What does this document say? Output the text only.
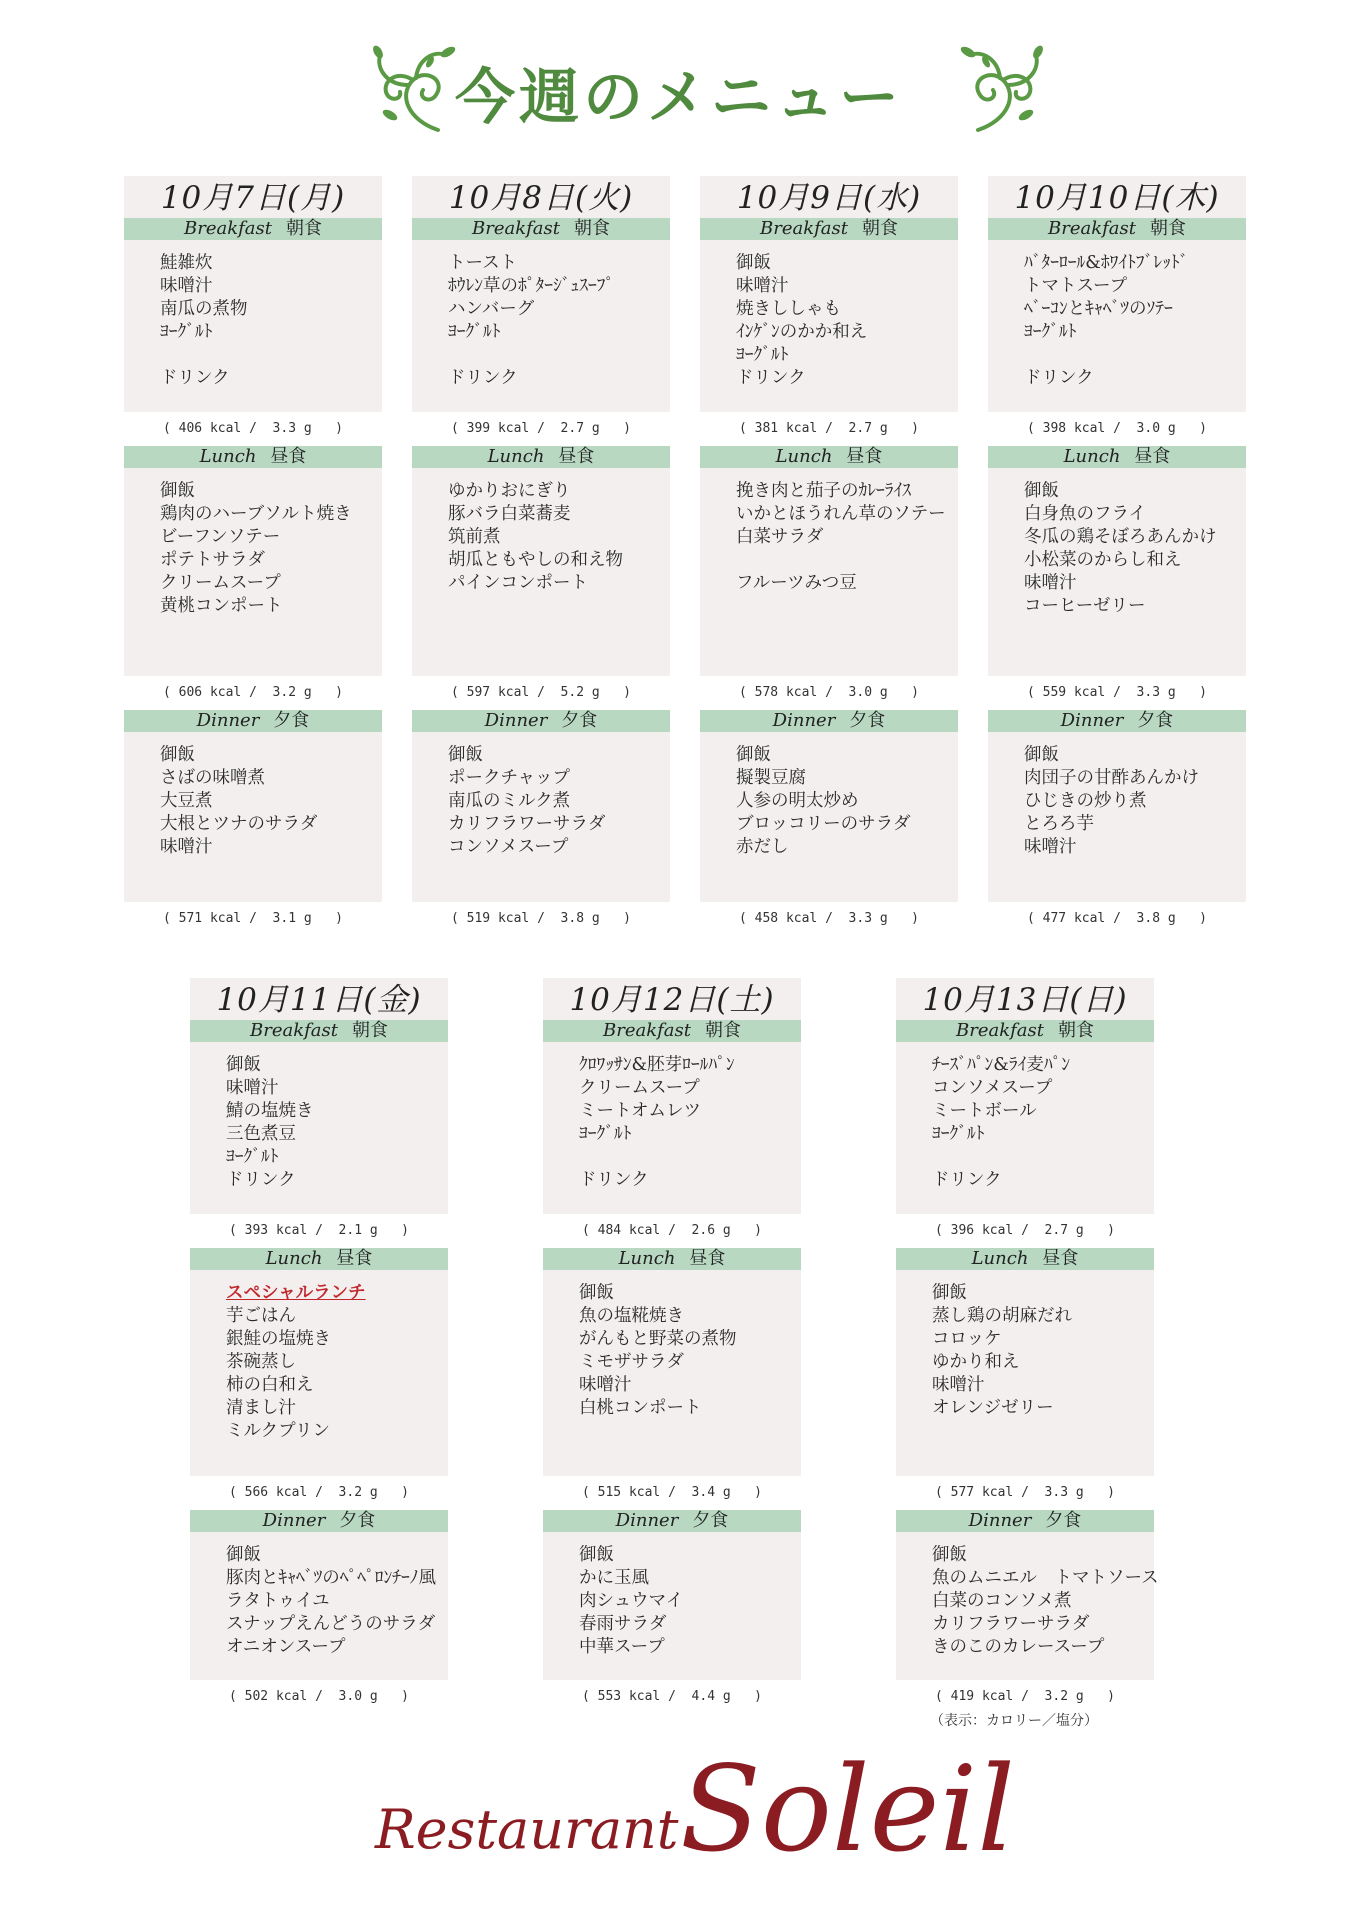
今週のメニュー
10月7日(月)
Breakfast 朝食
鮭雑炊
味噌汁
南瓜の煮物
ﾖｰｸﾞﾙﾄ
ドリンク
( 406 kcal /  3.3 g   )
Lunch 昼食
御飯
鶏肉のハーブソルト焼き
ビーフンソテー
ポテトサラダ
クリームスープ
黄桃コンポート
( 606 kcal /  3.2 g   )
Dinner 夕食
御飯
さばの味噌煮
大豆煮
大根とツナのサラダ
味噌汁
( 571 kcal /  3.1 g   )
10月8日(火)
Breakfast 朝食
トースト
ﾎｳﾚﾝ草のﾎﾟﾀｰｼﾞｭｽｰﾌﾟ
ハンバーグ
ﾖｰｸﾞﾙﾄ
ドリンク
( 399 kcal /  2.7 g   )
Lunch 昼食
ゆかりおにぎり
豚バラ白菜蕎麦
筑前煮
胡瓜ともやしの和え物
パインコンポート
( 597 kcal /  5.2 g   )
Dinner 夕食
御飯
ポークチャップ
南瓜のミルク煮
カリフラワーサラダ
コンソメスープ
( 519 kcal /  3.8 g   )
10月9日(水)
Breakfast 朝食
御飯
味噌汁
焼きししゃも
ｲﾝｹﾞﾝのかか和え
ﾖｰｸﾞﾙﾄ
ドリンク
( 381 kcal /  2.7 g   )
Lunch 昼食
挽き肉と茄子のｶﾚｰﾗｲｽ
いかとほうれん草のソテー
白菜サラダ
フルーツみつ豆
( 578 kcal /  3.0 g   )
Dinner 夕食
御飯
擬製豆腐
人参の明太炒め
ブロッコリーのサラダ
赤だし
( 458 kcal /  3.3 g   )
10月10日(木)
Breakfast 朝食
ﾊﾞﾀｰﾛｰﾙ&ﾎﾜｲﾄﾌﾞﾚｯﾄﾞ
トマトスープ
ﾍﾞｰｺﾝとｷｬﾍﾞﾂのｿﾃｰ
ﾖｰｸﾞﾙﾄ
ドリンク
( 398 kcal /  3.0 g   )
Lunch 昼食
御飯
白身魚のフライ
冬瓜の鶏そぼろあんかけ
小松菜のからし和え
味噌汁
コーヒーゼリー
( 559 kcal /  3.3 g   )
Dinner 夕食
御飯
肉団子の甘酢あんかけ
ひじきの炒り煮
とろろ芋
味噌汁
( 477 kcal /  3.8 g   )
10月11日(金)
Breakfast 朝食
御飯
味噌汁
鯖の塩焼き
三色煮豆
ﾖｰｸﾞﾙﾄ
ドリンク
( 393 kcal /  2.1 g   )
Lunch 昼食
スペシャルランチ
芋ごはん
銀鮭の塩焼き
茶碗蒸し
柿の白和え
清まし汁
ミルクプリン
( 566 kcal /  3.2 g   )
Dinner 夕食
御飯
豚肉とｷｬﾍﾞﾂのﾍﾟﾍﾟﾛﾝﾁｰﾉ風
ラタトゥイユ
スナップえんどうのサラダ
オニオンスープ
( 502 kcal /  3.0 g   )
10月12日(土)
Breakfast 朝食
ｸﾛﾜｯｻﾝ&胚芽ﾛｰﾙﾊﾟﾝ
クリームスープ
ミートオムレツ
ﾖｰｸﾞﾙﾄ
ドリンク
( 484 kcal /  2.6 g   )
Lunch 昼食
御飯
魚の塩糀焼き
がんもと野菜の煮物
ミモザサラダ
味噌汁
白桃コンポート
( 515 kcal /  3.4 g   )
Dinner 夕食
御飯
かに玉風
肉シュウマイ
春雨サラダ
中華スープ
( 553 kcal /  4.4 g   )
10月13日(日)
Breakfast 朝食
ﾁｰｽﾞﾊﾟﾝ&ﾗｲ麦ﾊﾟﾝ
コンソメスープ
ミートボール
ﾖｰｸﾞﾙﾄ
ドリンク
( 396 kcal /  2.7 g   )
Lunch 昼食
御飯
蒸し鶏の胡麻だれ
コロッケ
ゆかり和え
味噌汁
オレンジゼリー
( 577 kcal /  3.3 g   )
Dinner 夕食
御飯
魚のムニエル　トマトソース
白菜のコンソメ煮
カリフラワーサラダ
きのこのカレースープ
( 419 kcal /  3.2 g   )
（表示：カロリー／塩分）
Restaurant Soleil
